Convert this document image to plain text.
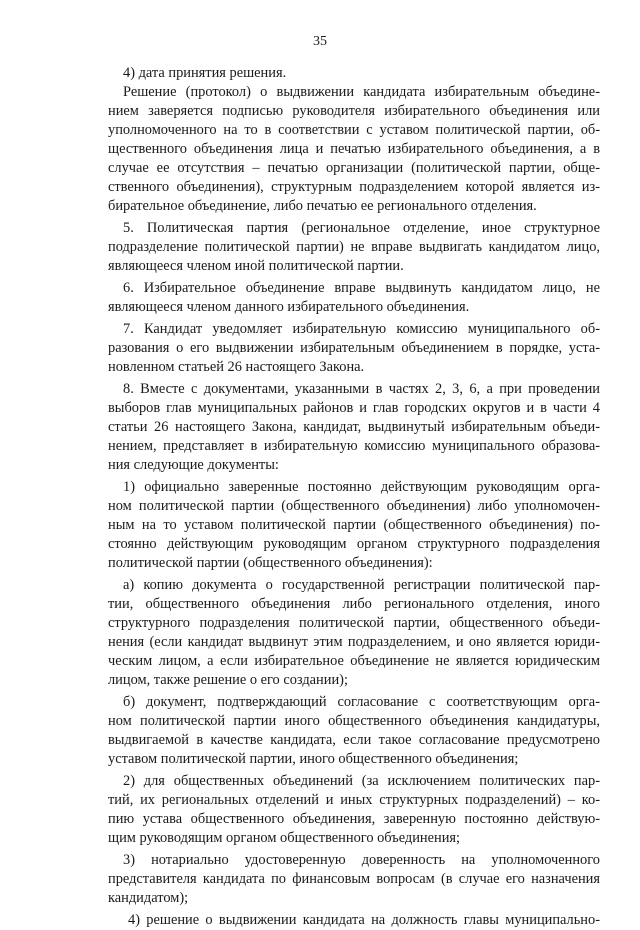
35
4) дата принятия решения.
Решение (протокол) о выдвижении кандидата избирательным объедине-
нием заверяется подписью руководителя избирательного объединения или
уполномоченного на то в соответствии с уставом политической партии, об-
щественного объединения лица и печатью избирательного объединения, а в
случае ее отсутствия – печатью организации (политической партии, обще-
ственного объединения), структурным подразделением которой является из-
бирательное объединение, либо печатью ее регионального отделения.
5. Политическая партия (региональное отделение, иное структурное
подразделение политической партии) не вправе выдвигать кандидатом лицо,
являющееся членом иной политической партии.
6. Избирательное объединение вправе выдвинуть кандидатом лицо, не
являющееся членом данного избирательного объединения.
7. Кандидат уведомляет избирательную комиссию муниципального об-
разования о его выдвижении избирательным объединением в порядке, уста-
новленном статьей 26 настоящего Закона.
8. Вместе с документами, указанными в частях 2, 3, 6, а при проведении
выборов глав муниципальных районов и глав городских округов и в части 4
статьи 26 настоящего Закона, кандидат, выдвинутый избирательным объеди-
нением, представляет в избирательную комиссию муниципального образова-
ния следующие документы:
1) официально заверенные постоянно действующим руководящим орга-
ном политической партии (общественного объединения) либо уполномочен-
ным на то уставом политической партии (общественного объединения) по-
стоянно действующим руководящим органом структурного подразделения
политической партии (общественного объединения):
а) копию документа о государственной регистрации политической пар-
тии, общественного объединения либо регионального отделения, иного
структурного подразделения политической партии, общественного объеди-
нения (если кандидат выдвинут этим подразделением, и оно является юриди-
ческим лицом, а если избирательное объединение не является юридическим
лицом, также решение о его создании);
б) документ, подтверждающий согласование с соответствующим орга-
ном политической партии иного общественного объединения кандидатуры,
выдвигаемой в качестве кандидата, если такое согласование предусмотрено
уставом политической партии, иного общественного объединения;
2) для общественных объединений (за исключением политических пар-
тий, их региональных отделений и иных структурных подразделений) – ко-
пию устава общественного объединения, заверенную постоянно действую-
щим руководящим органом общественного объединения;
3) нотариально удостоверенную доверенность на уполномоченного
представителя кандидата по финансовым вопросам (в случае его назначения
кандидатом);
4) решение о выдвижении кандидата на должность главы муниципально-
